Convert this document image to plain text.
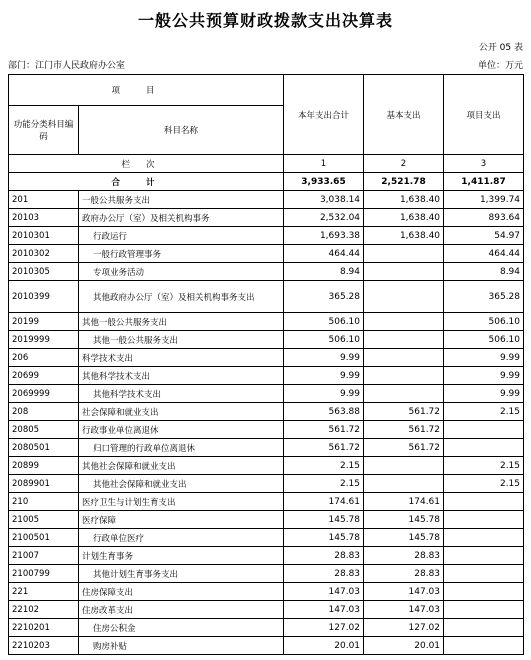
一般公共预算财政拨款支出决算表
公开 05 表
部门：江门市人民政府办公室	单位：万元
项目		本年支出合计	基本支出	项目支出
功能分类科目编码	科目名称			
栏次		1	2	3
合计		3,933.65	2,521.78	1,411.87
201	一般公共服务支出	3,038.14	1,638.40	1,399.74
20103	政府办公厅（室）及相关机构事务	2,532.04	1,638.40	893.64
2010301	行政运行	1,693.38	1,638.40	54.97
2010302	一般行政管理事务	464.44		464.44
2010305	专项业务活动	8.94		8.94
2010399	其他政府办公厅（室）及相关机构事务支出	365.28		365.28
20199	其他一般公共服务支出	506.10		506.10
2019999	其他一般公共服务支出	506.10		506.10
206	科学技术支出	9.99		9.99
20699	其他科学技术支出	9.99		9.99
2069999	其他科学技术支出	9.99		9.99
208	社会保障和就业支出	563.88	561.72	2.15
20805	行政事业单位离退休	561.72	561.72	
2080501	归口管理的行政单位离退休	561.72	561.72	
20899	其他社会保障和就业支出	2.15		2.15
2089901	其他社会保障和就业支出	2.15		2.15
210	医疗卫生与计划生育支出	174.61	174.61	
21005	医疗保障	145.78	145.78	
2100501	行政单位医疗	145.78	145.78	
21007	计划生育事务	28.83	28.83	
2100799	其他计划生育事务支出	28.83	28.83	
221	住房保障支出	147.03	147.03	
22102	住房改革支出	147.03	147.03	
2210201	住房公积金	127.02	127.02	
2210203	购房补贴	20.01	20.01	
